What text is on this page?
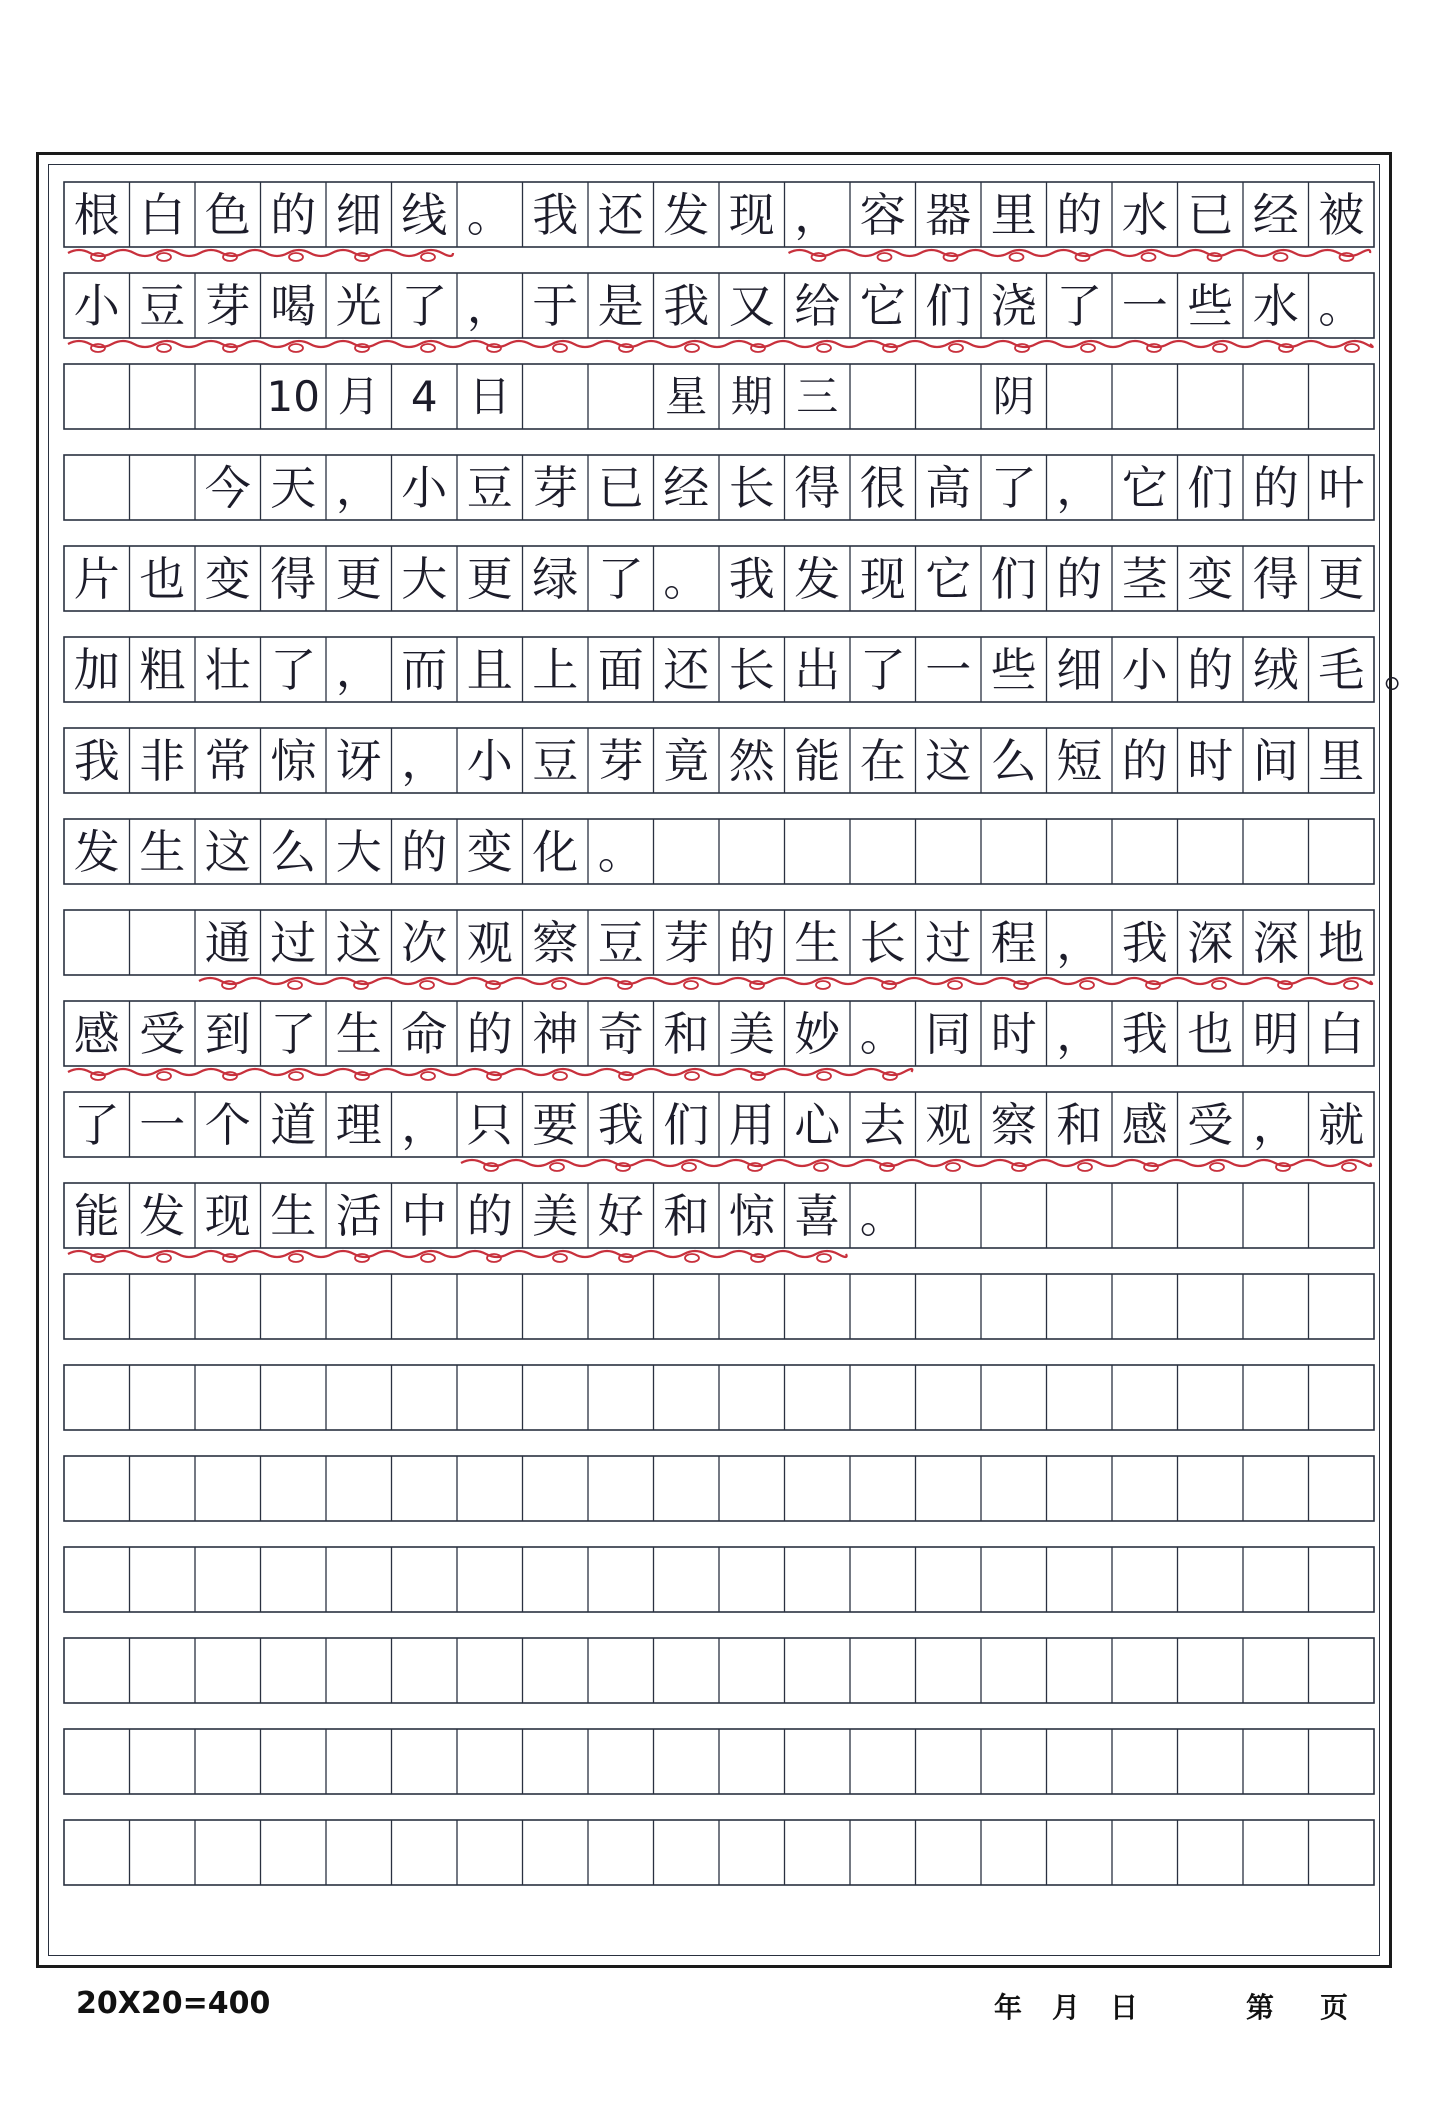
根 白 色 的 细 线 。 我 还 发 现 ， 容 器 里 的 水 已 经 被
小 豆 芽 喝 光 了 ， 于 是 我 又 给 它 们 浇 了 一 些 水 。
片 也 变 得 更 大 更 绿 了 。 我 发 现 它 们 的 茎 变 得 更
加 粗 壮 了 ， 而 且 上 面 还 长 出 了 一 些 细 小 的 绒 毛 。
我 非 常 惊 讶 ， 小 豆 芽 竟 然 能 在 这 么 短 的 时 间 里
发 生 这 么 大 的 变 化 。
感 受 到 了 生 命 的 神 奇 和 美 妙 。 同 时 ， 我 也 明 白
了 一 个 道 理 ， 只 要 我 们 用 心 去 观 察 和 感 受 ， 就
能 发 现 生 活 中 的 美 好 和 惊 喜 。
今 天 ， 小 豆 芽 已 经 长 得 很 高 了 ， 它 们 的 叶
通 过 这 次 观 察 豆 芽 的 生 长 过 程 ， 我 深 深 地
10 月 4 日	星 期 三	阴
20X20=400	年 月 日	第 页
